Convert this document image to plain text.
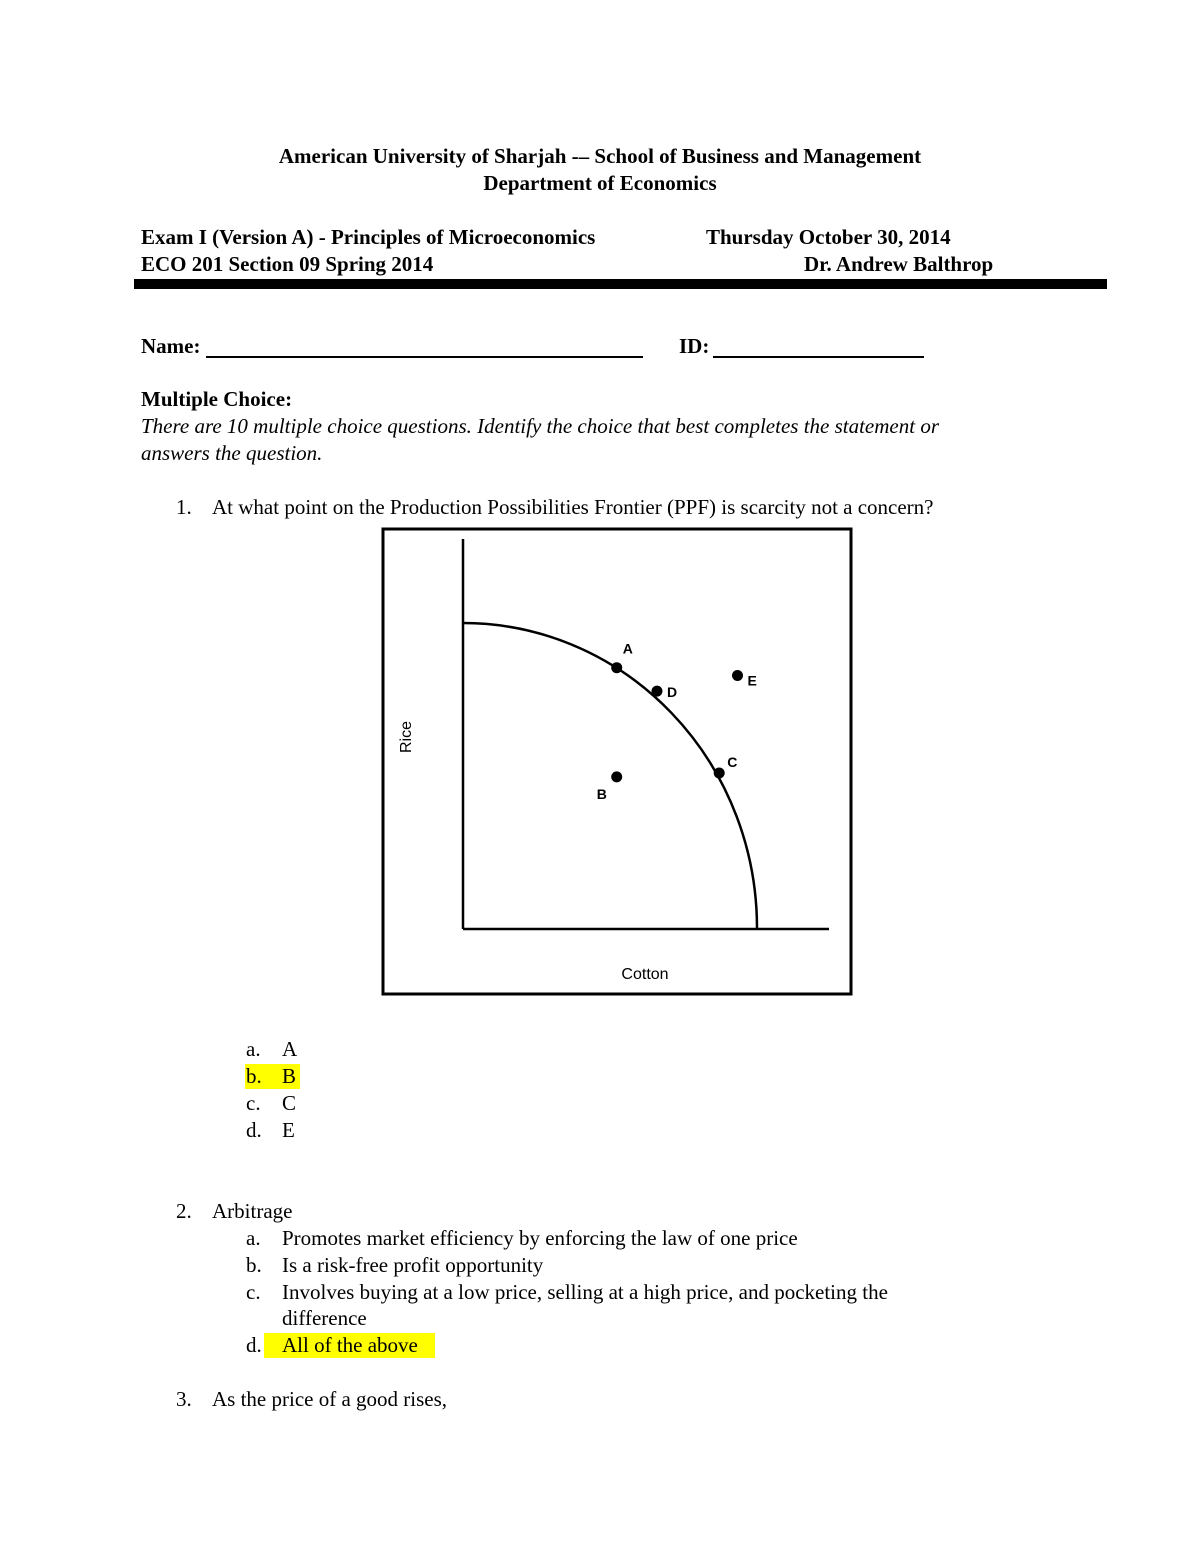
American University of Sharjah -– School of Business and Management
Department of Economics
Exam I (Version A) - Principles of Microeconomics	Thursday October 30, 2014
ECO 201 Section 09 Spring 2014	Dr. Andrew Balthrop
Name:	ID:
Multiple Choice:
There are 10 multiple choice questions. Identify the choice that best completes the statement or
answers the question.
1. At what point on the Production Possibilities Frontier (PPF) is scarcity not a concern?
A
D
C
B
E
Rice
Cotton
a. A
b. B
c. C
d. E
2. Arbitrage
a. Promotes market efficiency by enforcing the law of one price
b. Is a risk-free profit opportunity
c. Involves buying at a low price, selling at a high price, and pocketing the
difference
d. All of the above
3. As the price of a good rises,
